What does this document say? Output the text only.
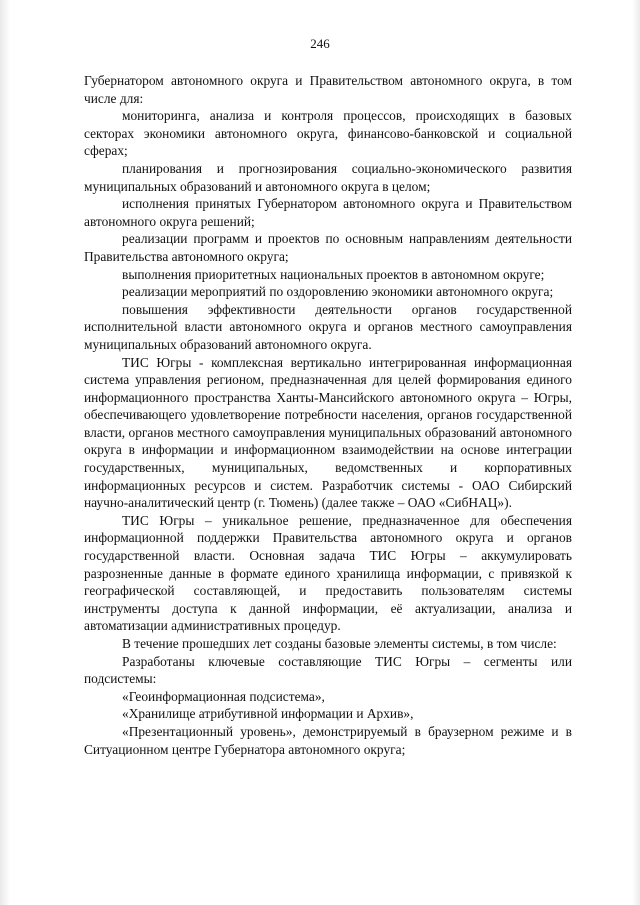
246

Губернатором автономного округа и Правительством автономного округа, в том числе для:

мониторинга, анализа и контроля процессов, происходящих в базовых секторах экономики автономного округа, финансово-банковской и социальной сферах;

планирования и прогнозирования социально-экономического развития муниципальных образований и автономного округа в целом;

исполнения принятых Губернатором автономного округа и Правительством автономного округа решений;

реализации программ и проектов по основным направлениям деятельности Правительства автономного округа;

выполнения приоритетных национальных проектов в автономном округе;

реализации мероприятий по оздоровлению экономики автономного округа;

повышения эффективности деятельности органов государственной исполнительной власти автономного округа и органов местного самоуправления муниципальных образований автономного округа.

ТИС Югры - комплексная вертикально интегрированная информационная система управления регионом, предназначенная для целей формирования единого информационного пространства Ханты-Мансийского автономного округа – Югры, обеспечивающего удовлетворение потребности населения, органов государственной власти, органов местного самоуправления муниципальных образований автономного округа в информации и информационном взаимодействии на основе интеграции государственных, муниципальных, ведомственных и корпоративных информационных ресурсов и систем. Разработчик системы - ОАО Сибирский научно-аналитический центр (г. Тюмень) (далее также – ОАО «СибНАЦ»).

ТИС Югры – уникальное решение, предназначенное для обеспечения информационной поддержки Правительства автономного округа и органов государственной власти. Основная задача ТИС Югры – аккумулировать разрозненные данные в формате единого хранилища информации, с привязкой к географической составляющей, и предоставить пользователям системы инструменты доступа к данной информации, её актуализации, анализа и автоматизации административных процедур.

В течение прошедших лет созданы базовые элементы системы, в том числе:

Разработаны ключевые составляющие ТИС Югры – сегменты или подсистемы:

«Геоинформационная подсистема»,

«Хранилище атрибутивной информации и Архив»,

«Презентационный уровень», демонстрируемый в браузерном режиме и в Ситуационном центре Губернатора автономного округа;
